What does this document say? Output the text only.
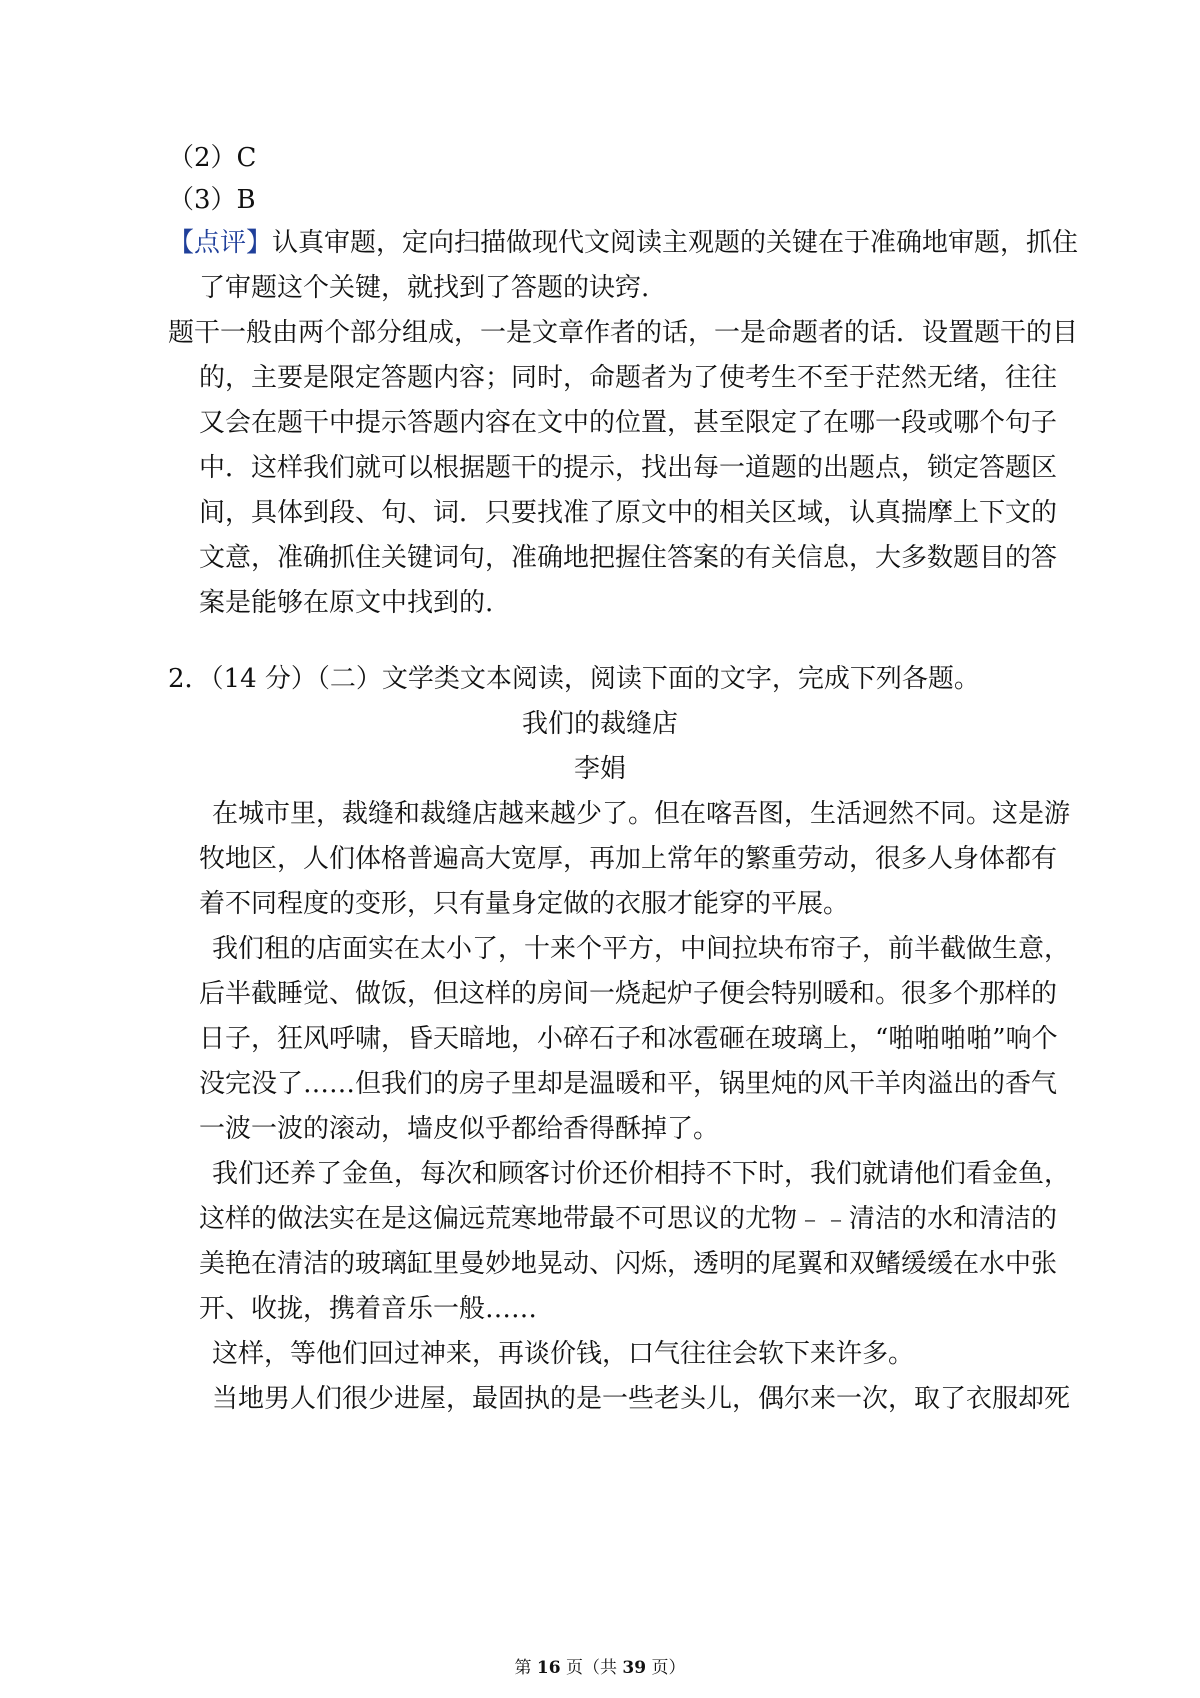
（2）C
（3）B
【点评】认真审题，定向扫描做现代文阅读主观题的关键在于准确地审题，抓住
了审题这个关键，就找到了答题的诀窍.
题干一般由两个部分组成，一是文章作者的话，一是命题者的话．设置题干的目
的，主要是限定答题内容；同时，命题者为了使考生不至于茫然无绪，往往
又会在题干中提示答题内容在文中的位置，甚至限定了在哪一段或哪个句子
中．这样我们就可以根据题干的提示，找出每一道题的出题点，锁定答题区
间，具体到段、句、词．只要找准了原文中的相关区域，认真揣摩上下文的
文意，准确抓住关键词句，准确地把握住答案的有关信息，大多数题目的答
案是能够在原文中找到的.
2．（14 分）（二）文学类文本阅读，阅读下面的文字，完成下列各题。
我们的裁缝店
李娟
在城市里，裁缝和裁缝店越来越少了。但在喀吾图，生活迥然不同。这是游
牧地区，人们体格普遍高大宽厚，再加上常年的繁重劳动，很多人身体都有
着不同程度的变形，只有量身定做的衣服才能穿的平展。
我们租的店面实在太小了，十来个平方，中间拉块布帘子，前半截做生意，
后半截睡觉、做饭，但这样的房间一烧起炉子便会特别暖和。很多个那样的
日子，狂风呼啸，昏天暗地，小碎石子和冰雹砸在玻璃上，“啪啪啪啪”响个
没完没了……但我们的房子里却是温暖和平，锅里炖的风干羊肉溢出的香气
一波一波的滚动，墙皮似乎都给香得酥掉了。
我们还养了金鱼，每次和顾客讨价还价相持不下时，我们就请他们看金鱼，
这样的做法实在是这偏远荒寒地带最不可思议的尤物﹣﹣清洁的水和清洁的
美艳在清洁的玻璃缸里曼妙地晃动、闪烁，透明的尾翼和双鳍缓缓在水中张
开、收拢，携着音乐一般……
这样，等他们回过神来，再谈价钱，口气往往会软下来许多。
当地男人们很少进屋，最固执的是一些老头儿，偶尔来一次，取了衣服却死
第 16 页（共 39 页）
